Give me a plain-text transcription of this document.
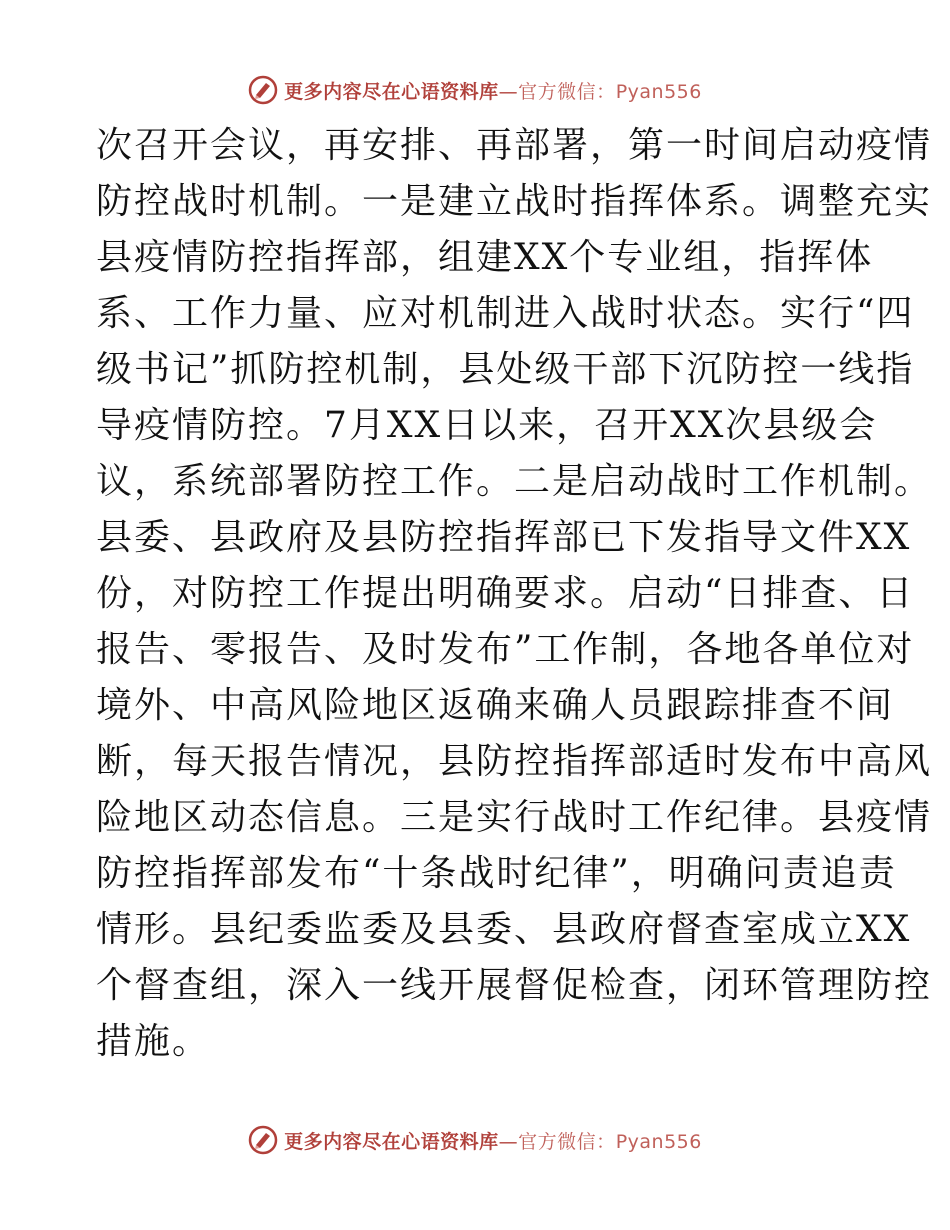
更多内容尽在心语资料库—官方微信：Pyan556
次召开会议，再安排、再部署，第一时间启动疫情
防控战时机制。一是建立战时指挥体系。调整充实
县疫情防控指挥部，组建XX个专业组，指挥体
系、工作力量、应对机制进入战时状态。实行“四
级书记”抓防控机制，县处级干部下沉防控一线指
导疫情防控。7月XX日以来，召开XX次县级会
议，系统部署防控工作。二是启动战时工作机制。
县委、县政府及县防控指挥部已下发指导文件XX
份，对防控工作提出明确要求。启动“日排查、日
报告、零报告、及时发布”工作制，各地各单位对
境外、中高风险地区返确来确人员跟踪排查不间
断，每天报告情况，县防控指挥部适时发布中高风
险地区动态信息。三是实行战时工作纪律。县疫情
防控指挥部发布“十条战时纪律”，明确问责追责
情形。县纪委监委及县委、县政府督查室成立XX
个督查组，深入一线开展督促检查，闭环管理防控
措施。
更多内容尽在心语资料库—官方微信：Pyan556
